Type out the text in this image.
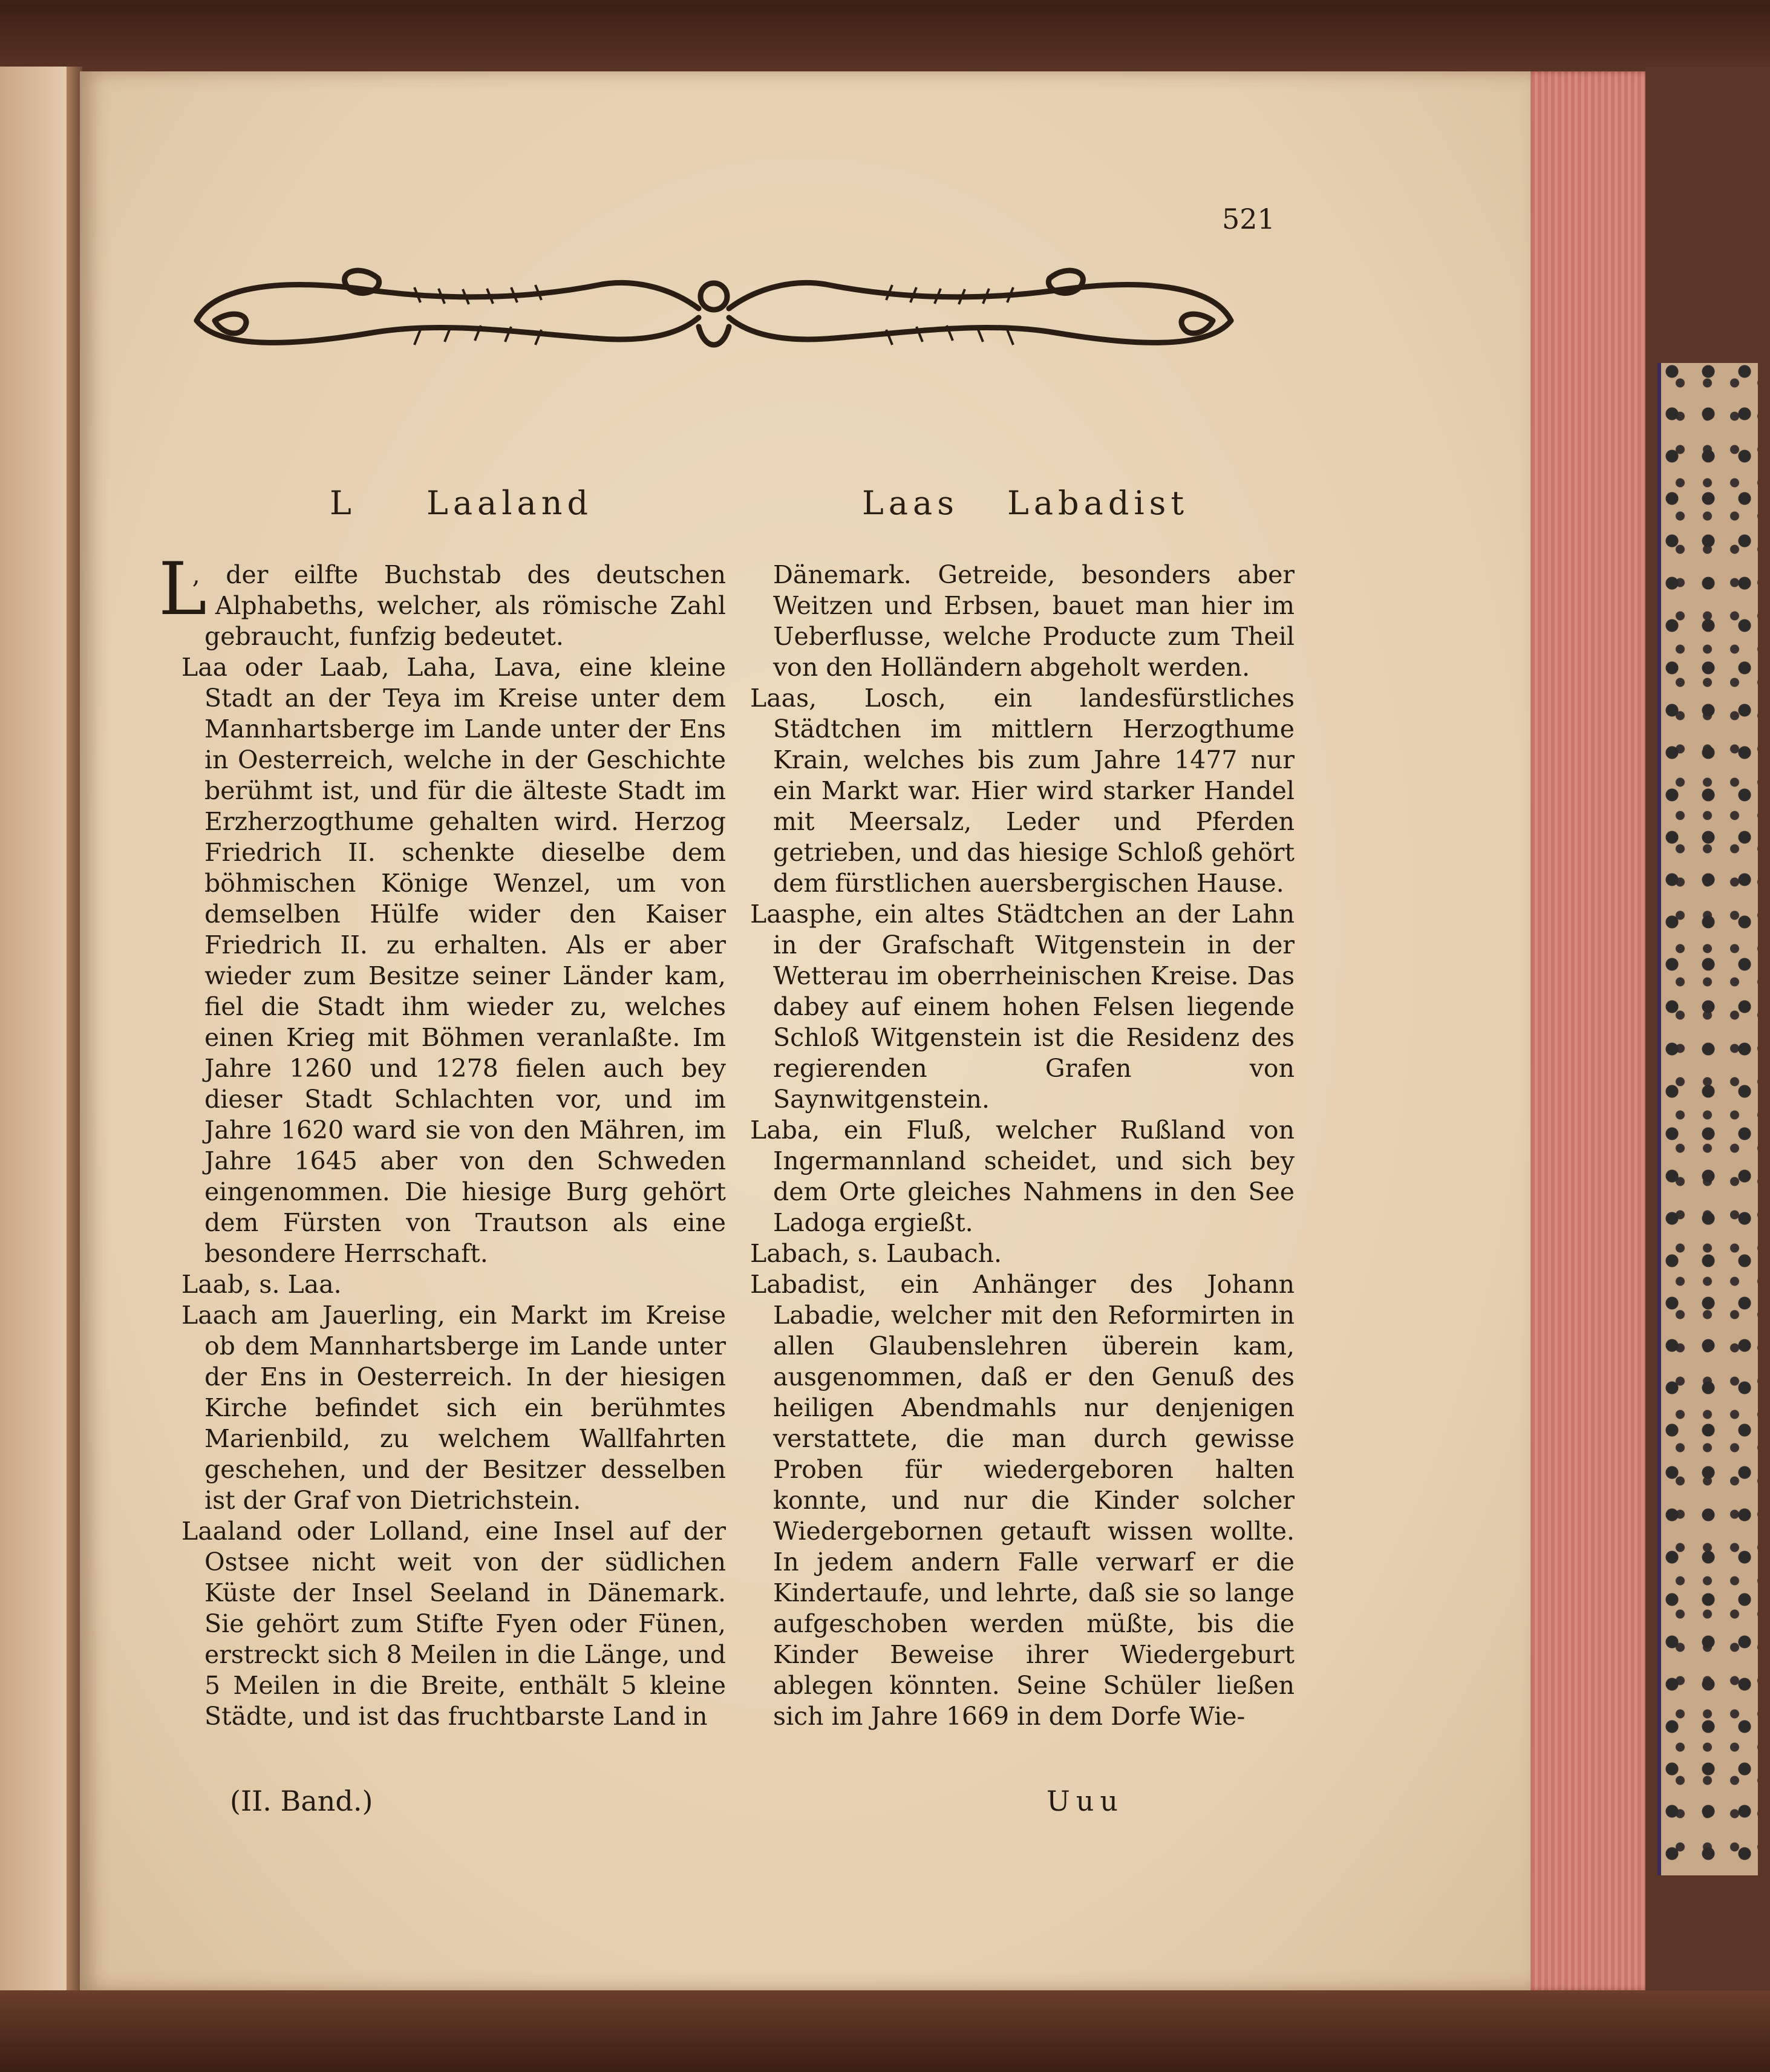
521
L Laaland	Laas Labadist

L
, der eilfte Buchstab des deutschen Alphabeths, welcher, als römische Zahl gebraucht, funfzig bedeutet.

Laa oder Laab, Laha, Lava, eine kleine Stadt an der Teya im Kreise unter dem Mannhartsberge im Lande unter der Ens in Oesterreich, welche in der Geschichte berühmt ist, und für die älteste Stadt im Erzherzogthume gehalten wird. Herzog Friedrich II. schenkte dieselbe dem böhmischen Könige Wenzel, um von demselben Hülfe wider den Kaiser Friedrich II. zu erhalten. Als er aber wieder zum Besitze seiner Länder kam, fiel die Stadt ihm wieder zu, welches einen Krieg mit Böhmen veranlaßte. Im Jahre 1260 und 1278 fielen auch bey dieser Stadt Schlachten vor, und im Jahre 1620 ward sie von den Mähren, im Jahre 1645 aber von den Schweden eingenommen. Die hiesige Burg gehört dem Fürsten von Trautson als eine besondere Herrschaft.

Laab, s. Laa.

Laach am Jauerling, ein Markt im Kreise ob dem Mannhartsberge im Lande unter der Ens in Oesterreich. In der hiesigen Kirche befindet sich ein berühmtes Marienbild, zu welchem Wallfahrten geschehen, und der Besitzer desselben ist der Graf von Dietrichstein.

Laaland oder Lolland, eine Insel auf der Ostsee nicht weit von der südlichen Küste der Insel Seeland in Dänemark. Sie gehört zum Stifte Fyen oder Fünen, erstreckt sich 8 Meilen in die Länge, und 5 Meilen in die Breite, enthält 5 kleine Städte, und ist das fruchtbarste Land in

Dänemark. Getreide, besonders aber Weitzen und Erbsen, bauet man hier im Ueberflusse, welche Producte zum Theil von den Holländern abgeholt werden.

Laas, Losch, ein landesfürstliches Städtchen im mittlern Herzogthume Krain, welches bis zum Jahre 1477 nur ein Markt war. Hier wird starker Handel mit Meersalz, Leder und Pferden getrieben, und das hiesige Schloß gehört dem fürstlichen auersbergischen Hause.

Laasphe, ein altes Städtchen an der Lahn in der Grafschaft Witgenstein in der Wetterau im oberrheinischen Kreise. Das dabey auf einem hohen Felsen liegende Schloß Witgenstein ist die Residenz des regierenden Grafen von Saynwitgenstein.

Laba, ein Fluß, welcher Rußland von Ingermannland scheidet, und sich bey dem Orte gleiches Nahmens in den See Ladoga ergießt.

Labach, s. Laubach.

Labadist, ein Anhänger des Johann Labadie, welcher mit den Reformirten in allen Glaubenslehren überein kam, ausgenommen, daß er den Genuß des heiligen Abendmahls nur denjenigen verstattete, die man durch gewisse Proben für wiedergeboren halten konnte, und nur die Kinder solcher Wiedergebornen getauft wissen wollte. In jedem andern Falle verwarf er die Kindertaufe, und lehrte, daß sie so lange aufgeschoben werden müßte, bis die Kinder Beweise ihrer Wiedergeburt ablegen könnten. Seine Schüler ließen sich im Jahre 1669 in dem Dorfe Wie-

(II. Band.)	Uuu
